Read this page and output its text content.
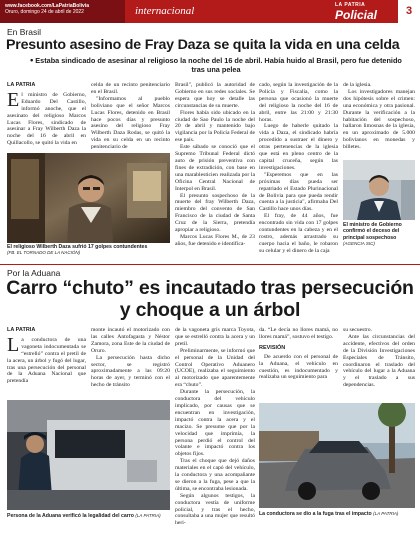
www.facebook.com/LaPatriaBolivia
Oruro, domingo 24 de abril de 2022	internacional	LA PATRIA
Policial	3
En Brasil
Presunto asesino de Fray Daza se quita la vida en una celda
• Estaba sindicado de asesinar al religioso la noche del 16 de abril. Había huido al Brasil, pero fue detenido tras una pelea

LA PATRIA

El ministro de Gobierno, Eduardo Del Castillo, informó anoche, que el asesinato del religioso Marcos Lucas Flores, sindicado de asesinar a Fray Wilberth Daza la noche del 16 de abril en Quillacollo, se quitó la vida en

celda de un recinto penitenciario en el Brasil.

"Informamos al pueblo boliviano que el señor Marcos Lucas Flores, detenido en Brasil hace pocos días y presunto asesino del religioso Fray Wilberth Daza Rodas, se quitó la vida en su celda en un recinto penitenciario de

El religioso Wilberth Daza sufrió 17 golpes contundentes
(FB. EL TORNADO DE LA NACIÓN)

Brasil", publicó la autoridad de Gobierno en sus redes sociales. Se espera que hoy se detalle las circunstancias de su muerte.

Flores había sido ubicado en la ciudad de Sao Paulo la noche del 20 de abril y mantenido bajo vigilancia por la Policía Federal de ese país.

Este sábado se conoció que el Supremo Tribunal Federal dictó auto de prisión preventiva con fines de extradición, con base en una marablesticien realizada por la Oficina Central Nacional de Interpol en Brasil.

El presunto sospechoso de la muerte del fray Wilberth Daza, miembro del convento de San Francisco de la ciudad de Santa Cruz de la Sierra, pretendía apropiar a religioso.

Marcos Lucas Flores M., de 23 años, fue detenido e identifica-

cado, según la investigación de la Policía y Fiscalía, como la persona que ocasionó la muerte del religioso la noche del 16 de abril, entre las 21:00 y 21:30 horas.

Luego de haberle quitado la vida a Daza, el sindicado habría procedido a sustraer el dinero y otras pertenencias de la iglesia que está en pleno centro de la capital cruceña, según las investigaciones.

"Esperemos que en las próximas días pueda ser repatriado el Estado Plurinacional de Bolivia para que pueda rendir cuenta a la justicia", afirmaba Del Castillo hace unos días.

El fray, de 44 años, fue encontrado sin vida con 17 golpes contundentes en la cabeza y en el rostro, además arrastrado su cuerpo hacia el baño, le robaron su celular y el dinero de la caja

de la iglesia.

Los investigadores manejan dos hipótesis sobre el crimen: una económica y otra pasional. Durante la verificación a la habitación del sospechoso, hallaron limosnas de la iglesia, en un aproximado de 5.000 bolivianos en monedas y billetes.

El ministro de Gobierno confirmó el deceso del principal sospechoso
(AGENCIA SIC)
Por la Aduana
Carro “chuto” es incautado tras persecución
y choque a un árbol

LA PATRIA

La conductora de una vagoneta indocumentada se “estrelló” contra el pretil de la acera, un árbol y fugó del lugar, tras una persecución del personal de la Aduana Nacional que pretendía

monte incautó el motorizado con las calles Antofagasta y Néstor Zamora, zona Este de la ciudad de Oruro.

La persecución hasta dicho sector, se registró aproximadamente a las 09:20 horas de ayer, y terminó con el hecho de tránsito

Persona de la Aduana verificó la legalidad del carro (LA PATRIA)

de la vagoneta gris marca Toyota, que se estrelló contra la acera y un pretil.

Preliminarmente, se informó que el personal de la Unidad del Control Operativo Aduanero (UCOE), realizaba el seguimiento al motorizado que aparentemente era “chuto”.

Durante la persecución, la conductora del vehículo implicado, por causas que se encuentran en investigación, impactó contra la acera y el macizo. Se presume que por la velocidad que imprimía, la persona perdió el control del volante e impactó contra los objetos fijos.

Tras el choque que dejó daños materiales en el capó del vehículo, la conductora y una acompañante se dieron a la fuga, pese a que la última, se encontraba lesionada.

Según algunos testigos, la conductora vestía de uniforme policial, y tras el hecho, consultaba a una mujer que resultó heri-

da. “Le decía no llores mamá, no llores mamá”, sostuvo el testigo.

REVISIÓN

De acuerdo con el personal de la Aduana, el vehículo en cuestión, es indocumentado y realizaba un seguimiento para

su secuestro.

Ante las circunstancias del accidente, efectivos del orden de la División Investigaciones Especiales de Tránsito, coordinaron el traslado del vehículo del lugar a la Aduana y el traslado a sus dependencias.

La conductora se dio a la fuga tras el impacto (LA PATRIA)
